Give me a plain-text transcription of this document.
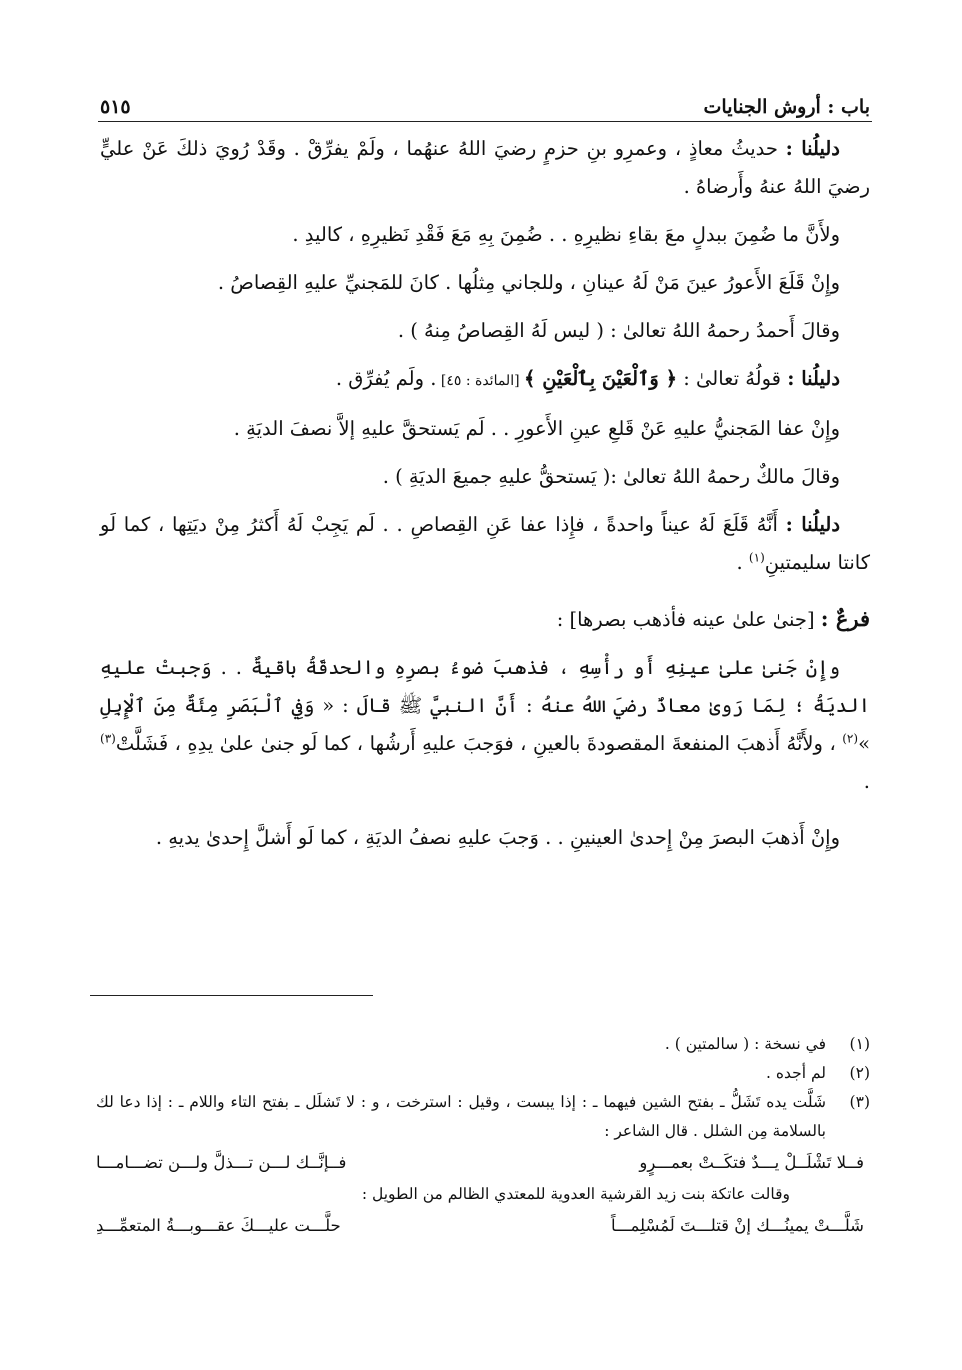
باب : أروش الجنايات
٥١٥

دليلُنا : حديثُ معاذٍ ، وعمرِو بنِ حزمٍ رضيَ اللهُ عنهُما ، ولَمْ يفرِّقْ . وقَدْ رُويَ ذلكَ عَنْ عليٍّ رضيَ اللهُ عنهُ وأَرضاهُ .

ولأَنَّ ما ضُمِنَ ببدلٍ معَ بقاءِ نظيرِهِ . . ضُمِنَ بِهِ مَعَ فَقْدِ نَظيرِهِ ، كاليدِ .

وإِنْ قَلَعَ الأَعورُ عينَ مَنْ لَهُ عينانِ ، وللجاني مِثلُها . كانَ للمَجنيِّ عليهِ القِصاصُ .

وقالَ أَحمدُ رحمهُ اللهُ تعالىٰ : ( ليس لَهُ القِصاصُ مِنهُ ) .

دليلُنا : قولُهُ تعالىٰ : ﴿ وَٱلْعَيْنَ بِٱلْعَيْنِ ﴾ [المائدة : ٤٥] . ولَم يُفرِّق .

وإِنْ عفا المَجنيُّ عليهِ عَنْ قَلعِ عينِ الأَعورِ . . لَم يَستحقَّ عليهِ إلاَّ نصفَ الديَةِ .

وقالَ مالكٌ رحمهُ اللهُ تعالىٰ :( يَستحقُّ عليهِ جميعَ الديَةِ ) .

دليلُنا : أَنَّهُ قَلَعَ لَهُ عيناً واحدةً ، فإِذا عفا عَنِ القِصاصِ . . لَم يَجِبْ لَهُ أَكثرُ مِنْ ديَتِها ، كما لَو كانتا سليمتينِ$^{(١)}$ .

فرعٌ : [جنىٰ علىٰ عينه فأذهب بصرها] :

وإِنْ جَنىٰ علىٰ عينِهِ أَو رأْسِهِ ، فذهبَ ضوءُ بصرِهِ والحدقَةُ باقيةٌ . . وَجبتْ عليهِ الديَةُ ؛ لِمَا رَوىٰ معاذٌ رضيَ اللهُ عنهُ : أَنَّ النبيَّ ﷺ قالَ : « وَفِي ٱلْبَصَرِ مِئَةٌ مِنَ ٱلْإِبِلِ »$^{(٢)}$ ، ولأَنَّهُ أَذهبَ المنفعةَ المقصودةَ بالعينِ ، فوَجبَ عليهِ أَرشُها ، كما لَو جنىٰ علىٰ يدِهِ ، فَشَلَّتْ$^{(٣)}$ .

وإِنْ أَذهبَ البصرَ مِنْ إِحدىٰ العينينِ . . وَجبَ عليهِ نصفُ الديَةِ ، كما لَو أَشلَّ إِحدىٰ يديهِ .

(١)
في نسخة : ( سالمتين ) .
(٢)
لم أجده .
(٣)
شَلَّت يده تَشَلُّ ـ بفتح الشين فيهما ـ : إذا يبست ، وقيل : استرخت ، و : لا تَشلَل ـ بفتح التاء واللام ـ : إذا دعا لك بالسلامة مِن الشلل . قال الشاعر :
فــلا تَشْلَــلْ يـــدٌ فتكَــتْ بعمـــرٍو
فــإنَّــك لـــن تـــذلَّ ولـــن تضـــامـــا

وقالت عاتكة بنت زيد القرشية العدوية للمعتدي الظالم من الطويل :

شَلَّـــتْ يمينُـــك إنْ قتلـــتَ لَمُسْلِمـــاً
حلَّـــت عليـــكَ عقـــوبـــةُ المتعمِّـــدِ
